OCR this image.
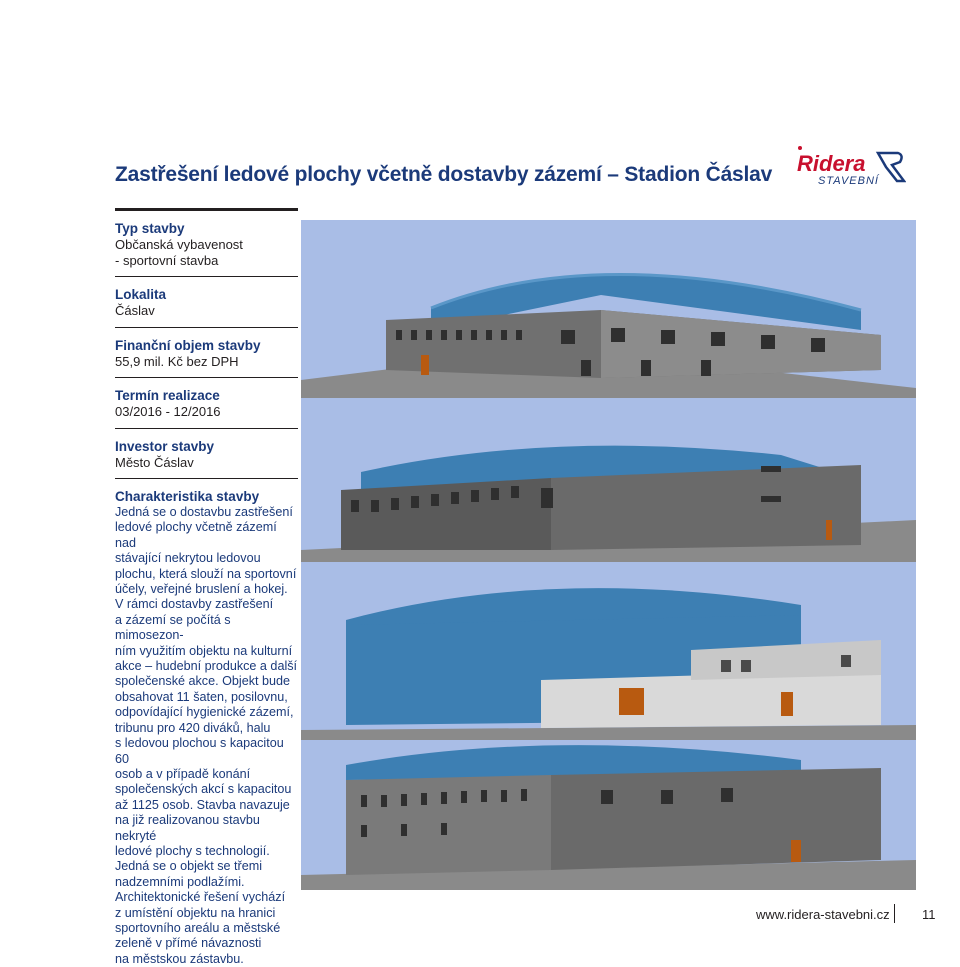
Zastřešení ledové plochy včetně dostavby zázemí – Stadion Čáslav Ridera
STAVEBNÍ
Typ stavby
Občanská vybavenost
- sportovní stavba
Lokalita
Čáslav
Finanční objem stavby
55,9 mil. Kč bez DPH
Termín realizace
03/2016 - 12/2016
Investor stavby
Město Čáslav
Charakteristika stavby

Jedná se o dostavbu zastřešení

ledové plochy včetně zázemí nad

stávající nekrytou ledovou

plochu, která slouží na sportovní

účely, veřejné bruslení a hokej.

V rámci dostavby zastřešení

a zázemí se počítá s mimosezon-

ním využitím objektu na kulturní

akce – hudební produkce a další

společenské akce. Objekt bude

obsahovat 11 šaten, posilovnu,

odpovídající hygienické zázemí,

tribunu pro 420 diváků, halu

s ledovou plochou s kapacitou 60

osob a v případě konání

společenských akcí s kapacitou

až 1125 osob. Stavba navazuje

na již realizovanou stavbu nekryté

ledové plochy s technologií.

Jedná se o objekt se třemi

nadzemními podlažími.

Architektonické řešení vychází

z umístění objektu na hranici

sportovního areálu a městské

zeleně v přímé návaznosti

na městskou zástavbu.

www.ridera-stavebni.cz 11
